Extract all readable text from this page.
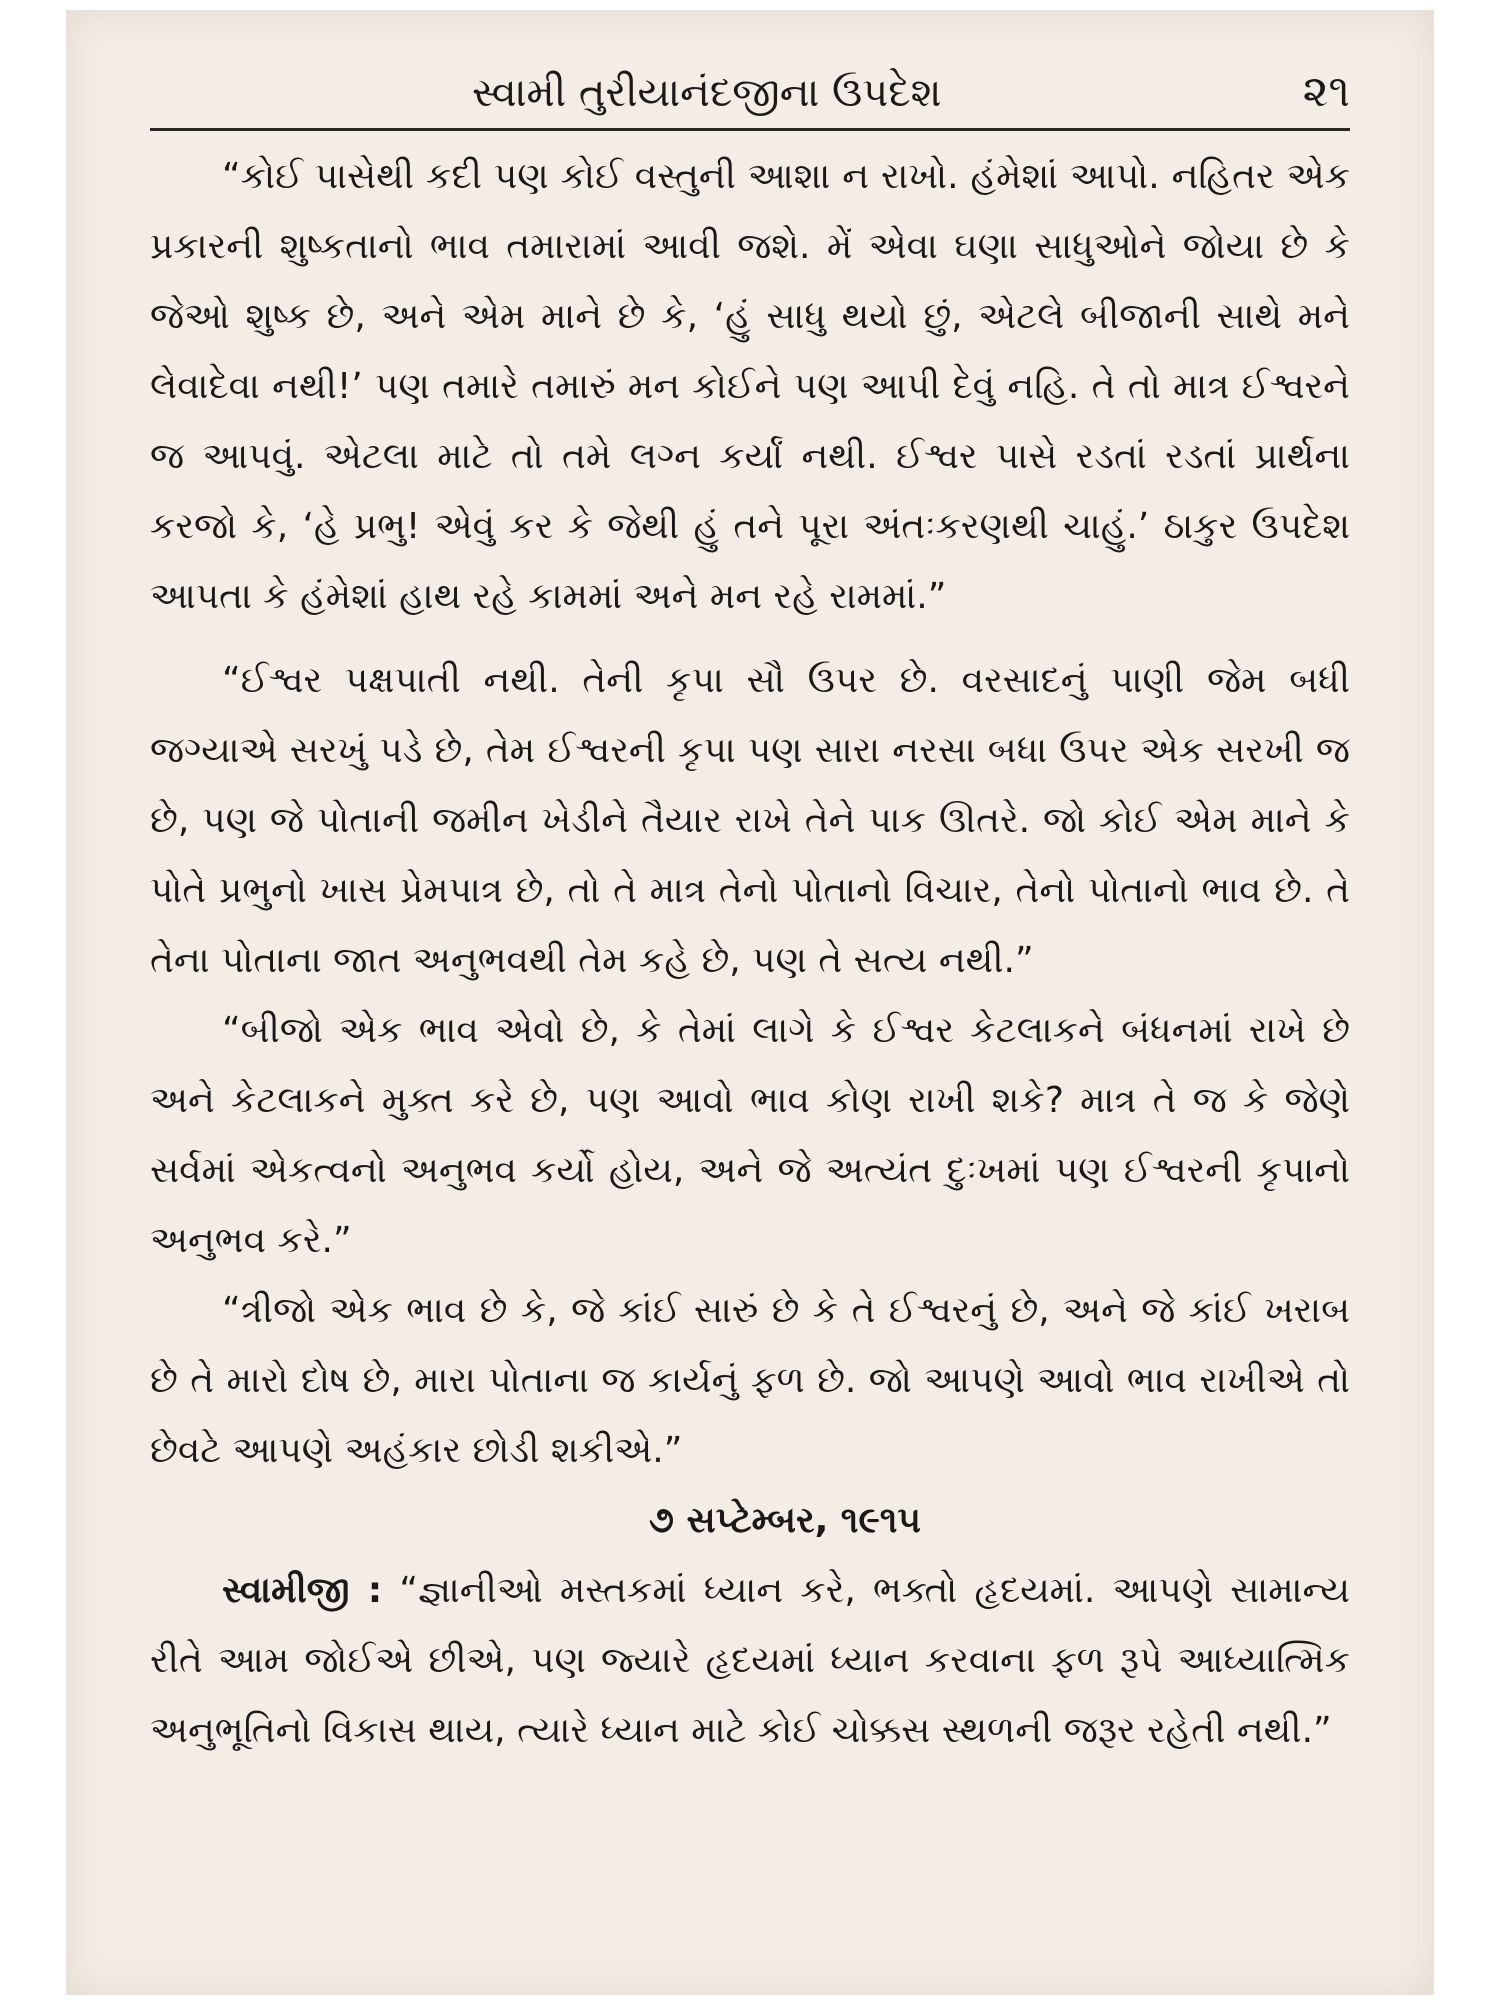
સ્વામી તુરીયાનંદજીના ઉપદેશ	૨૧

“કોઈ પાસેથી કદી પણ કોઈ વસ્તુની આશા ન રાખો. હંમેશાં આપો. નહિતર એક પ્રકારની શુષ્કતાનો ભાવ તમારામાં આવી જશે. મેં એવા ઘણા સાધુઓને જોયા છે કે જેઓ શુષ્ક છે, અને એમ માને છે કે, ‘હું સાધુ થયો છું, એટલે બીજાની સાથે મને લેવાદેવા નથી!’ પણ તમારે તમારું મન કોઈને પણ આપી દેવું નહિ. તે તો માત્ર ઈશ્વરને જ આપવું. એટલા માટે તો તમે લગ્ન કર્યાં નથી. ઈશ્વર પાસે રડતાં રડતાં પ્રાર્થના કરજો કે, ‘હે પ્રભુ! એવું કર કે જેથી હું તને પૂરા અંતઃકરણથી ચાહું.’ ઠાકુર ઉપદેશ આપતા કે હંમેશાં હાથ રહે કામમાં અને મન રહે રામમાં.”

“ઈશ્વર પક્ષપાતી નથી. તેની કૃપા સૌ ઉપર છે. વરસાદનું પાણી જેમ બધી જગ્યાએ સરખું પડે છે, તેમ ઈશ્વરની કૃપા પણ સારા નરસા બધા ઉપર એક સરખી જ છે, પણ જે પોતાની જમીન ખેડીને તૈયાર રાખે તેને પાક ઊતરે. જો કોઈ એમ માને કે પોતે પ્રભુનો ખાસ પ્રેમપાત્ર છે, તો તે માત્ર તેનો પોતાનો વિચાર, તેનો પોતાનો ભાવ છે. તે તેના પોતાના જાત અનુભવથી તેમ કહે છે, પણ તે સત્ય નથી.”

“બીજો એક ભાવ એવો છે, કે તેમાં લાગે કે ઈશ્વર કેટલાકને બંધનમાં રાખે છે અને કેટલાકને મુક્ત કરે છે, પણ આવો ભાવ કોણ રાખી શકે? માત્ર તે જ કે જેણે સર્વમાં એકત્વનો અનુભવ કર્યો હોય, અને જે અત્યંત દુઃખમાં પણ ઈશ્વરની કૃપાનો અનુભવ કરે.”

“ત્રીજો એક ભાવ છે કે, જે કાંઈ સારું છે કે તે ઈશ્વરનું છે, અને જે કાંઈ ખરાબ છે તે મારો દોષ છે, મારા પોતાના જ કાર્યનું ફળ છે. જો આપણે આવો ભાવ રાખીએ તો છેવટે આપણે અહંકાર છોડી શકીએ.”

૭ સપ્ટેમ્બર, ૧૯૧૫

સ્વામીજી : “જ્ઞાનીઓ મસ્તકમાં ધ્યાન કરે, ભક્તો હૃદયમાં. આપણે સામાન્ય રીતે આમ જોઈએ છીએ, પણ જ્યારે હૃદયમાં ધ્યાન કરવાના ફળ રૂપે આધ્યાત્મિક અનુભૂતિનો વિકાસ થાય, ત્યારે ધ્યાન માટે કોઈ ચોક્કસ સ્થળની જરૂર રહેતી નથી.”
